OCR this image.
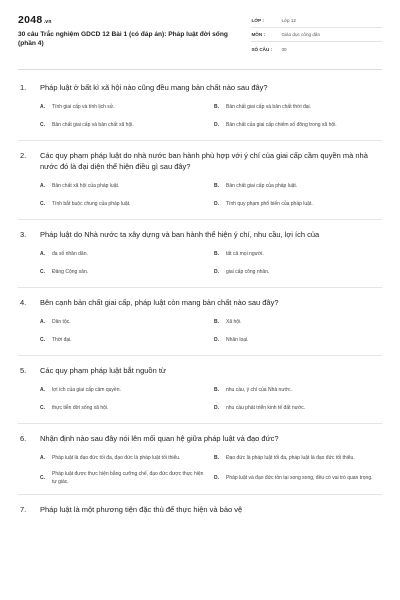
2048.vn
30 câu Trắc nghiệm GDCD 12 Bài 1 (có đáp án): Pháp luật đời sống (phần 4)
LỚP :	Lớp 12
MÔN :	Giáo dục công dân
SỐ CÂU :	30
1.	Pháp luật ở bất kì xã hội nào cũng đều mang bản chất nào sau đây?
A.	Tính giai cấp và tính lịch sử.	B.	Bản chất giai cấp và bản chất thời đại.
C.	Bản chất giai cấp và bản chất xã hội.	D.	Bản chất của giai cấp chiếm số đông trong xã hội.
2.	Các quy phạm pháp luật do nhà nước ban hành phù hợp với ý chí của giai cấp cầm quyền mà nhà nước đó là đại diện thể hiện điều gì sau đây?
A.	Bản chất xã hội của pháp luật.	B.	Bản chất giai cấp của pháp luật.
C.	Tính bắt buộc chung của pháp luật.	D.	Tính quy phạm phổ biến của pháp luật.
3.	Pháp luật do Nhà nước ta xây dựng và ban hành thể hiện ý chí, nhu cầu, lợi ích của
A.	đa số nhân dân.	B.	tất cả mọi người.
C.	Đảng Cộng sản.	D.	giai cấp công nhân.
4.	Bên cạnh bản chất giai cấp, pháp luật còn mang bản chất nào sau đây?
A.	Dân tộc.	B.	Xã hội.
C.	Thời đại.	D.	Nhân loại.
5.	Các quy phạm pháp luật bắt nguồn từ
A.	lợi ích của giai cấp cầm quyền.	B.	nhu cầu, ý chí của Nhà nước.
C.	thực tiễn đời sống xã hội.	D.	nhu cầu phát triển kinh tế đất nước.
6.	Nhận định nào sau đây nói lên mối quan hệ giữa pháp luật và đạo đức?
A.	Pháp luật là đạo đức tối đa, đạo đức là pháp luật tối thiểu.	B.	Đạo đức là pháp luật tối đa, pháp luật là đạo đức tối thiểu.
C.
Pháp luật được thực hiện bằng cưỡng chế, đạo đức được thực hiện tự giác.
D.	Pháp luật và đạo đức tồn tại song song, đều có vai trò quan trọng.
7.	Pháp luật là một phương tiện đặc thù để thực hiện và bảo vệ
